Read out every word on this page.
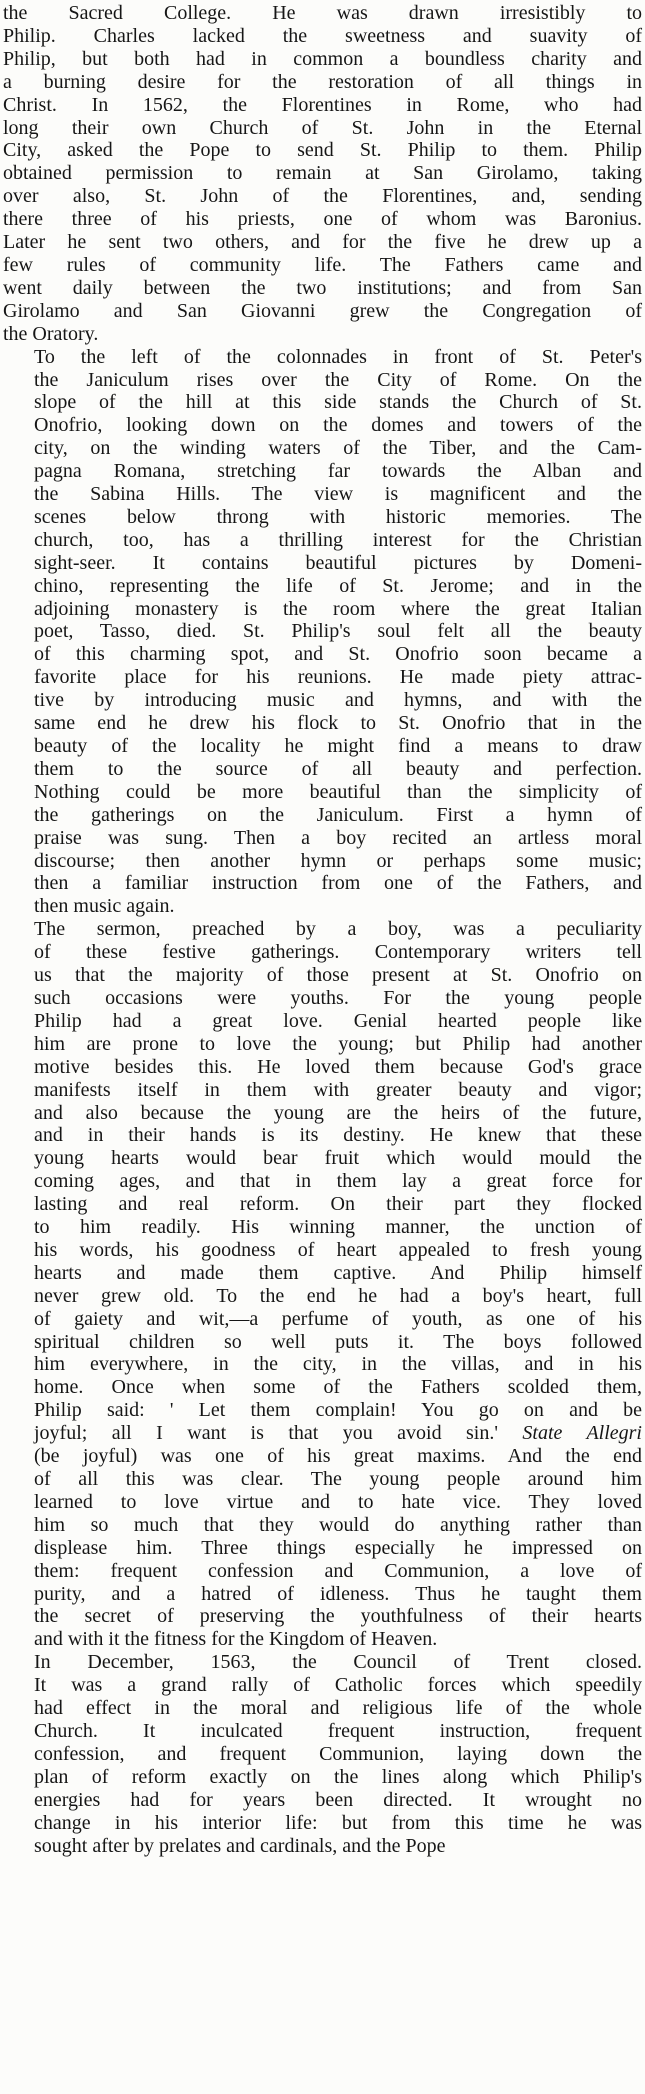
the Sacred College. He was drawn irresistibly to
Philip. Charles lacked the sweetness and suavity of
Philip, but both had in common a boundless charity and
a burning desire for the restoration of all things in
Christ. In 1562, the Florentines in Rome, who had
long their own Church of St. John in the Eternal
City, asked the Pope to send St. Philip to them. Philip
obtained permission to remain at San Girolamo, taking
over also, St. John of the Florentines, and, sending
there three of his priests, one of whom was Baronius.
Later he sent two others, and for the five he drew up a
few rules of community life. The Fathers came and
went daily between the two institutions; and from San
Girolamo and San Giovanni grew the Congregation of
the Oratory.

To the left of the colonnades in front of St. Peter's
the Janiculum rises over the City of Rome. On the
slope of the hill at this side stands the Church of St.
Onofrio, looking down on the domes and towers of the
city, on the winding waters of the Tiber, and the Cam-
pagna Romana, stretching far towards the Alban and
the Sabina Hills. The view is magnificent and the
scenes below throng with historic memories. The
church, too, has a thrilling interest for the Christian
sight-seer. It contains beautiful pictures by Domeni-
chino, representing the life of St. Jerome; and in the
adjoining monastery is the room where the great Italian
poet, Tasso, died. St. Philip's soul felt all the beauty
of this charming spot, and St. Onofrio soon became a
favorite place for his reunions. He made piety attrac-
tive by introducing music and hymns, and with the
same end he drew his flock to St. Onofrio that in the
beauty of the locality he might find a means to draw
them to the source of all beauty and perfection.
Nothing could be more beautiful than the simplicity of
the gatherings on the Janiculum. First a hymn of
praise was sung. Then a boy recited an artless moral
discourse; then another hymn or perhaps some music;
then a familiar instruction from one of the Fathers, and
then music again.

The sermon, preached by a boy, was a peculiarity
of these festive gatherings. Contemporary writers tell
us that the majority of those present at St. Onofrio on
such occasions were youths. For the young people
Philip had a great love. Genial hearted people like
him are prone to love the young; but Philip had another
motive besides this. He loved them because God's grace
manifests itself in them with greater beauty and vigor;
and also because the young are the heirs of the future,
and in their hands is its destiny. He knew that these
young hearts would bear fruit which would mould the
coming ages, and that in them lay a great force for
lasting and real reform. On their part they flocked
to him readily. His winning manner, the unction of
his words, his goodness of heart appealed to fresh young
hearts and made them captive. And Philip himself
never grew old. To the end he had a boy's heart, full
of gaiety and wit,—a perfume of youth, as one of his
spiritual children so well puts it. The boys followed
him everywhere, in the city, in the villas, and in his
home. Once when some of the Fathers scolded them,
Philip said: ' Let them complain! You go on and be
joyful; all I want is that you avoid sin.' State Allegri
(be joyful) was one of his great maxims. And the end
of all this was clear. The young people around him
learned to love virtue and to hate vice. They loved
him so much that they would do anything rather than
displease him. Three things especially he impressed on
them: frequent confession and Communion, a love of
purity, and a hatred of idleness. Thus he taught them
the secret of preserving the youthfulness of their hearts
and with it the fitness for the Kingdom of Heaven.

In December, 1563, the Council of Trent closed.
It was a grand rally of Catholic forces which speedily
had effect in the moral and religious life of the whole
Church. It inculcated frequent instruction, frequent
confession, and frequent Communion, laying down the
plan of reform exactly on the lines along which Philip's
energies had for years been directed. It wrought no
change in his interior life: but from this time he was
sought after by prelates and cardinals, and the Pope
